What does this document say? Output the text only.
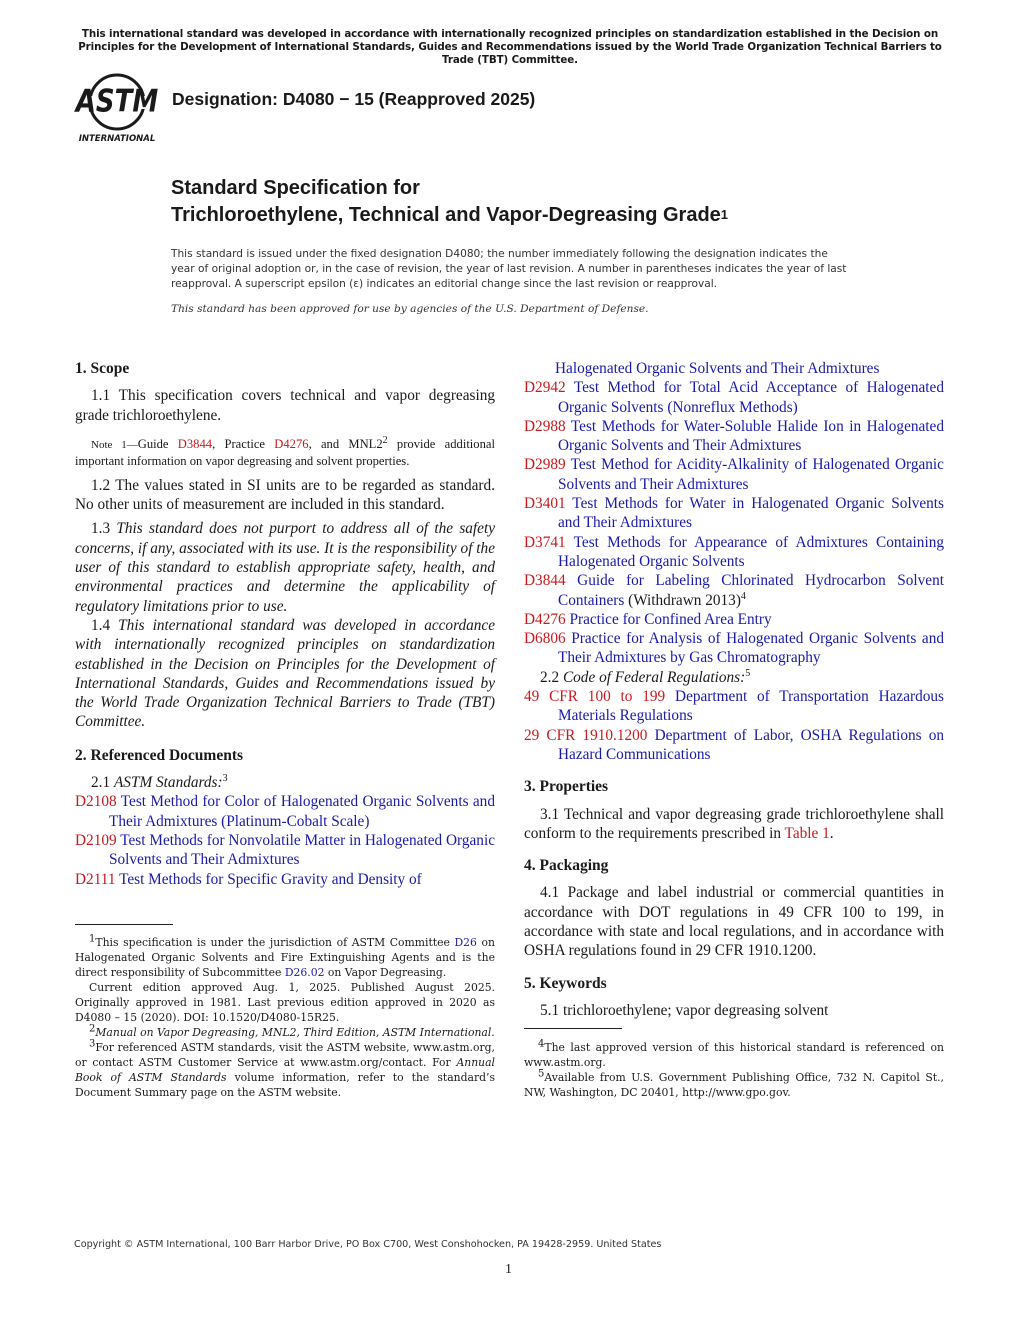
This international standard was developed in accordance with internationally recognized principles on standardization established in the Decision on Principles for the Development of International Standards, Guides and Recommendations issued by the World Trade Organization Technical Barriers to Trade (TBT) Committee.
ASTM
INTERNATIONAL
Designation: D4080 − 15 (Reapproved 2025)
Standard Specification for
Trichloroethylene, Technical and Vapor-Degreasing Grade$^1$
This standard is issued under the fixed designation D4080; the number immediately following the designation indicates the year of original adoption or, in the case of revision, the year of last revision. A number in parentheses indicates the year of last reapproval. A superscript epsilon (ε) indicates an editorial change since the last revision or reapproval.
This standard has been approved for use by agencies of the U.S. Department of Defense.

1. Scope

1.1 This specification covers technical and vapor degreasing grade trichloroethylene.

Note 1—Guide D3844, Practice D4276, and $MNL2^2$ provide additional important information on vapor degreasing and solvent properties.

1.2 The values stated in SI units are to be regarded as standard. No other units of measurement are included in this standard.

1.3 This standard does not purport to address all of the safety concerns, if any, associated with its use. It is the responsibility of the user of this standard to establish appropriate safety, health, and environmental practices and determine the applicability of regulatory limitations prior to use.

1.4 This international standard was developed in accordance with internationally recognized principles on standardization established in the Decision on Principles for the Development of International Standards, Guides and Recommendations issued by the World Trade Organization Technical Barriers to Trade (TBT) Committee.

2. Referenced Documents

2.1 ASTM Standards:$^3$

D2108 Test Method for Color of Halogenated Organic Solvents and Their Admixtures (Platinum-Cobalt Scale)

D2109 Test Methods for Nonvolatile Matter in Halogenated Organic Solvents and Their Admixtures

D2111 Test Methods for Specific Gravity and Density of

$^1$This specification is under the jurisdiction of ASTM Committee D26 on Halogenated Organic Solvents and Fire Extinguishing Agents and is the direct responsibility of Subcommittee D26.02 on Vapor Degreasing.

Current edition approved Aug. 1, 2025. Published August 2025. Originally approved in 1981. Last previous edition approved in 2020 as D4080 – 15 (2020). DOI: 10.1520/D4080-15R25.

$^2$Manual on Vapor Degreasing, MNL2, Third Edition, ASTM International.

$^3$For referenced ASTM standards, visit the ASTM website, www.astm.org, or contact ASTM Customer Service at www.astm.org/contact. For Annual Book of ASTM Standards volume information, refer to the standard’s Document Summary page on the ASTM website.

Halogenated Organic Solvents and Their Admixtures

D2942 Test Method for Total Acid Acceptance of Halogenated Organic Solvents (Nonreflux Methods)

D2988 Test Methods for Water-Soluble Halide Ion in Halogenated Organic Solvents and Their Admixtures

D2989 Test Method for Acidity-Alkalinity of Halogenated Organic Solvents and Their Admixtures

D3401 Test Methods for Water in Halogenated Organic Solvents and Their Admixtures

D3741 Test Methods for Appearance of Admixtures Containing Halogenated Organic Solvents

D3844 Guide for Labeling Chlorinated Hydrocarbon Solvent Containers (Withdrawn 2013)$^4$

D4276 Practice for Confined Area Entry

D6806 Practice for Analysis of Halogenated Organic Solvents and Their Admixtures by Gas Chromatography

2.2 Code of Federal Regulations:$^5$

49 CFR 100 to 199 Department of Transportation Hazardous Materials Regulations

29 CFR 1910.1200 Department of Labor, OSHA Regulations on Hazard Communications

3. Properties

3.1 Technical and vapor degreasing grade trichloroethylene shall conform to the requirements prescribed in Table 1.

4. Packaging

4.1 Package and label industrial or commercial quantities in accordance with DOT regulations in 49 CFR 100 to 199, in accordance with state and local regulations, and in accordance with OSHA regulations found in 29 CFR 1910.1200.

5. Keywords

5.1 trichloroethylene; vapor degreasing solvent

$^4$The last approved version of this historical standard is referenced on www.astm.org.

$^5$Available from U.S. Government Publishing Office, 732 N. Capitol St., NW, Washington, DC 20401, http://www.gpo.gov.

Copyright © ASTM International, 100 Barr Harbor Drive, PO Box C700, West Conshohocken, PA 19428-2959. United States
1
